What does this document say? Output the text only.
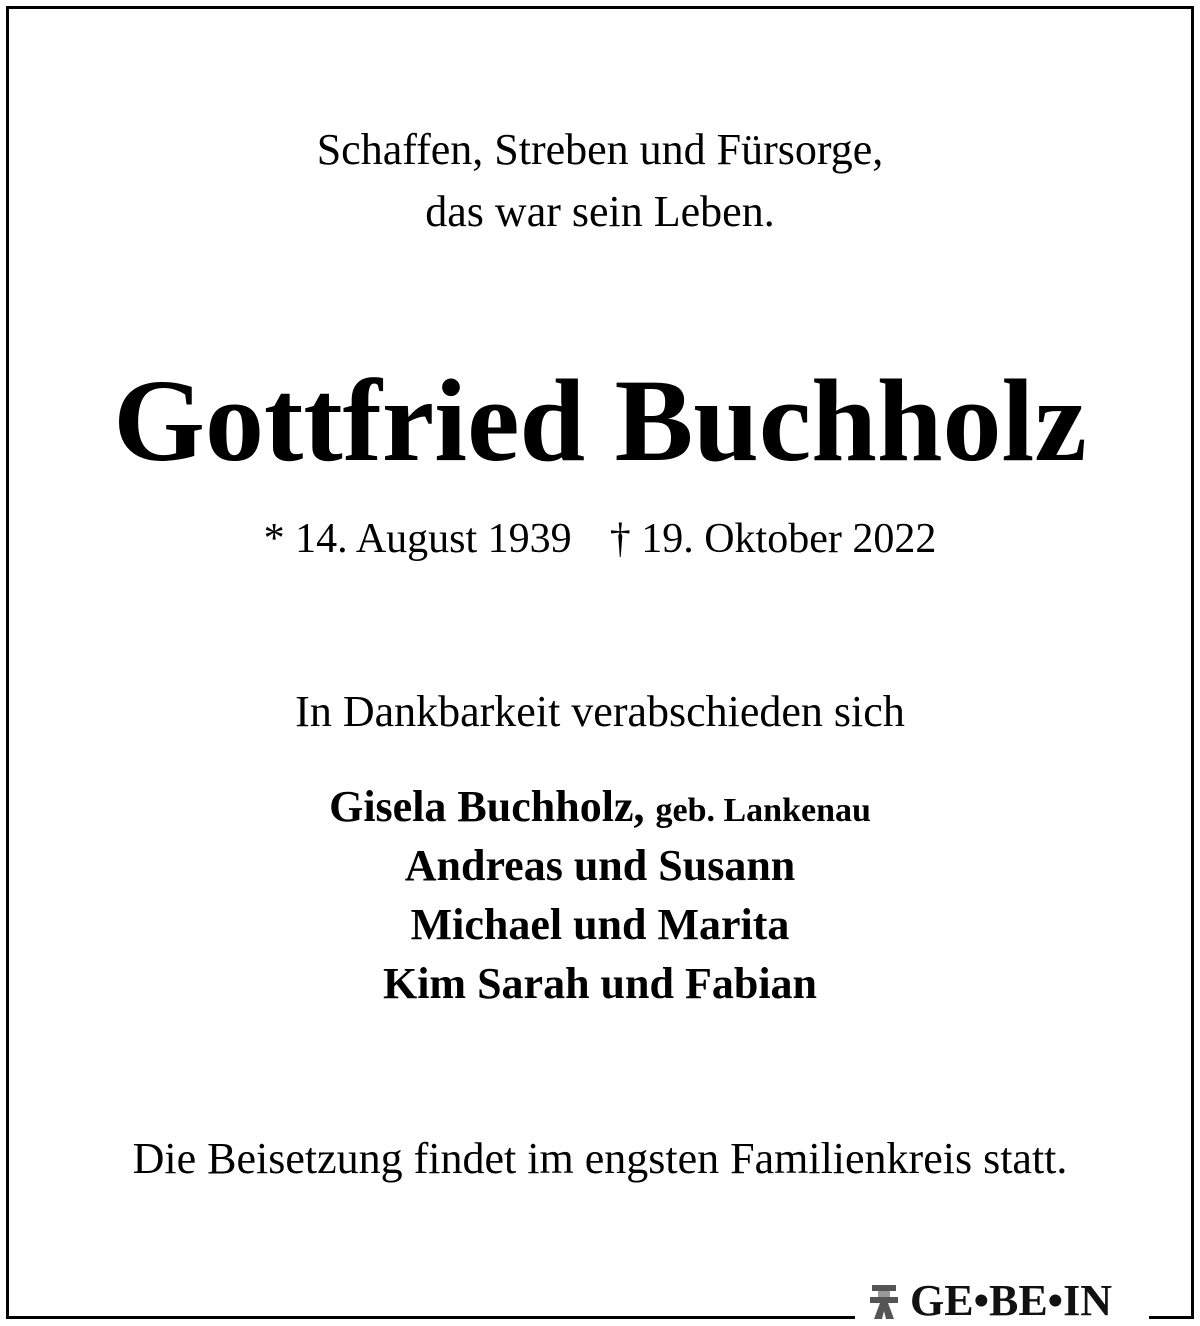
Schaffen, Streben und Fürsorge,
das war sein Leben.
Gottfried Buchholz
* 14. August 1939 † 19. Oktober 2022
In Dankbarkeit verabschieden sich
Gisela Buchholz, geb. Lankenau
Andreas und Susann
Michael und Marita
Kim Sarah und Fabian
Die Beisetzung findet im engsten Familienkreis statt.
GE•BE•IN
